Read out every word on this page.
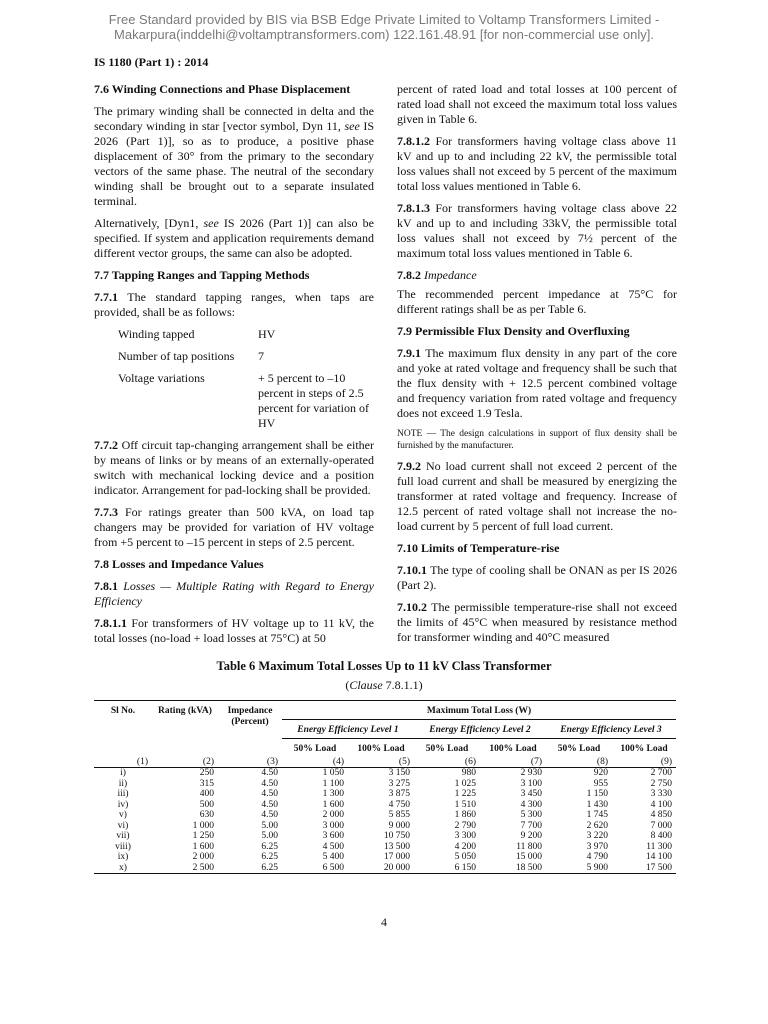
Free Standard provided by BIS via BSB Edge Private Limited to Voltamp Transformers Limited -
Makarpura(inddelhi@voltamptransformers.com) 122.161.48.91 [for non-commercial use only].
IS 1180 (Part 1) : 2014

7.6 Winding Connections and Phase Displacement

The primary winding shall be connected in delta and the secondary winding in star [vector symbol, Dyn 11, see IS 2026 (Part 1)], so as to produce, a positive phase displacement of 30° from the primary to the secondary vectors of the same phase. The neutral of the secondary winding shall be brought out to a separate insulated terminal.

Alternatively, [Dyn1, see IS 2026 (Part 1)] can also be specified. If system and application requirements demand different vector groups, the same can also be adopted.

7.7 Tapping Ranges and Tapping Methods

7.7.1 The standard tapping ranges, when taps are provided, shall be as follows:

Winding tapped	HV
Number of tap positions	7
Voltage variations	+ 5 percent to –10 percent in steps of 2.5 percent for variation of HV

7.7.2 Off circuit tap-changing arrangement shall be either by means of links or by means of an externally-operated switch with mechanical locking device and a position indicator. Arrangement for pad-locking shall be provided.

7.7.3 For ratings greater than 500 kVA, on load tap changers may be provided for variation of HV voltage from +5 percent to –15 percent in steps of 2.5 percent.

7.8 Losses and Impedance Values

7.8.1 Losses — Multiple Rating with Regard to Energy Efficiency

7.8.1.1 For transformers of HV voltage up to 11 kV, the total losses (no-load + load losses at 75°C) at 50

percent of rated load and total losses at 100 percent of rated load shall not exceed the maximum total loss values given in Table 6.

7.8.1.2 For transformers having voltage class above 11 kV and up to and including 22 kV, the permissible total loss values shall not exceed by 5 percent of the maximum total loss values mentioned in Table 6.

7.8.1.3 For transformers having voltage class above 22 kV and up to and including 33kV, the permissible total loss values shall not exceed by 7½ percent of the maximum total loss values mentioned in Table 6.

7.8.2 Impedance

The recommended percent impedance at 75°C for different ratings shall be as per Table 6.

7.9 Permissible Flux Density and Overfluxing

7.9.1 The maximum flux density in any part of the core and yoke at rated voltage and frequency shall be such that the flux density with + 12.5 percent combined voltage and frequency variation from rated voltage and frequency does not exceed 1.9 Tesla.

NOTE — The design calculations in support of flux density shall be furnished by the manufacturer.

7.9.2 No load current shall not exceed 2 percent of the full load current and shall be measured by energizing the transformer at rated voltage and frequency. Increase of 12.5 percent of rated voltage shall not increase the no-load current by 5 percent of full load current.

7.10 Limits of Temperature-rise

7.10.1 The type of cooling shall be ONAN as per IS 2026 (Part 2).

7.10.2 The permissible temperature-rise shall not exceed the limits of 45°C when measured by resistance method for transformer winding and 40°C measured

Table 6 Maximum Total Losses Up to 11 kV Class Transformer
(Clause 7.8.1.1)
Sl No.	Rating (kVA)	Impedance (Percent)	Maximum Total Loss (W)					
			Energy Efficiency Level 1		Energy Efficiency Level 2		Energy Efficiency Level 3	
			50% Load	100% Load	50% Load	100% Load	50% Load	100% Load
(1)	(2)	(3)	(4)	(5)	(6)	(7)	(8)	(9)
i)	250	4.50	1 050	3 150	980	2 930	920	2 700
ii)	315	4.50	1 100	3 275	1 025	3 100	955	2 750
iii)	400	4.50	1 300	3 875	1 225	3 450	1 150	3 330
iv)	500	4.50	1 600	4 750	1 510	4 300	1 430	4 100
v)	630	4.50	2 000	5 855	1 860	5 300	1 745	4 850
vi)	1 000	5.00	3 000	9 000	2 790	7 700	2 620	7 000
vii)	1 250	5.00	3 600	10 750	3 300	9 200	3 220	8 400
viii)	1 600	6.25	4 500	13 500	4 200	11 800	3 970	11 300
ix)	2 000	6.25	5 400	17 000	5 050	15 000	4 790	14 100
x)	2 500	6.25	6 500	20 000	6 150	18 500	5 900	17 500
4
